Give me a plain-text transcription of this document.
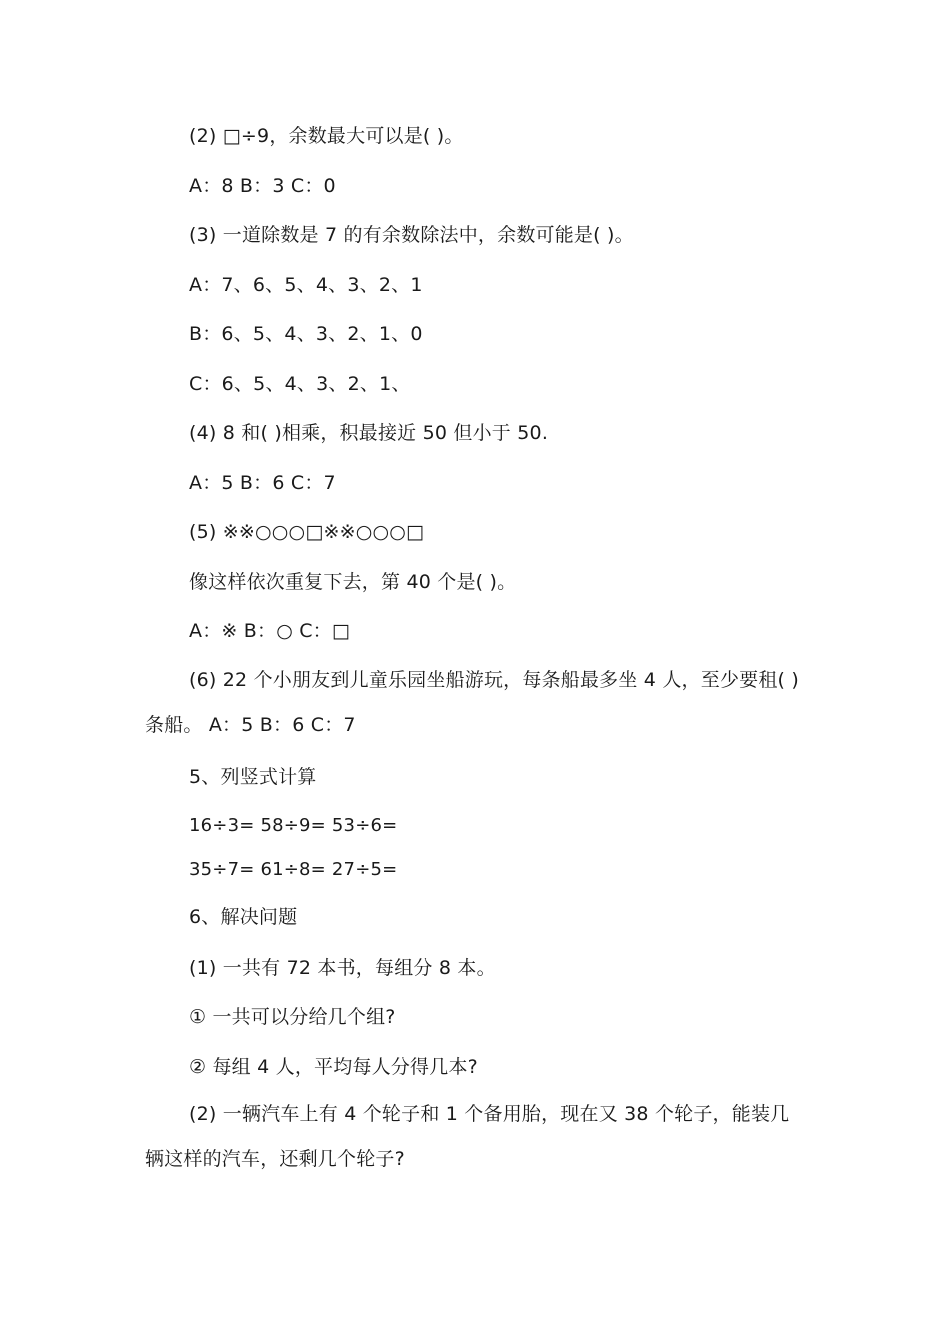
(2) □÷9，余数最大可以是( )。
A：8 B：3 C：0
(3) 一道除数是 7 的有余数除法中，余数可能是( )。
A：7、6、5、4、3、2、1
B：6、5、4、3、2、1、0
C：6、5、4、3、2、1、
(4) 8 和( )相乘，积最接近 50 但小于 50.
A：5 B：6 C：7
(5) ※※○○○□※※○○○□
像这样依次重复下去，第 40 个是( )。
A：※ B：○ C：□
(6) 22 个小朋友到儿童乐园坐船游玩，每条船最多坐 4 人，至少要租( )条船。 A：5 B：6 C：7
5、列竖式计算
16÷3= 58÷9= 53÷6=
35÷7= 61÷8= 27÷5=
6、解决问题
(1) 一共有 72 本书，每组分 8 本。
① 一共可以分给几个组?
② 每组 4 人，平均每人分得几本?
(2) 一辆汽车上有 4 个轮子和 1 个备用胎，现在又 38 个轮子，能装几辆这样的汽车，还剩几个轮子?
